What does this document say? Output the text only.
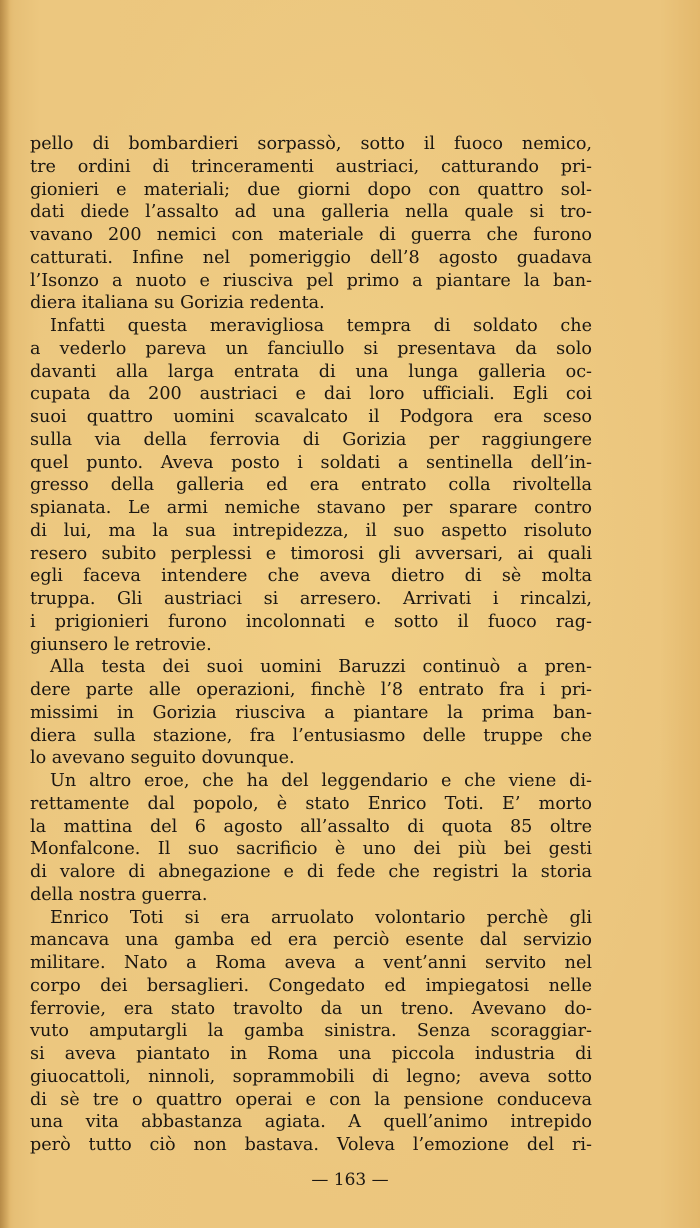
pello di bombardieri sorpassò, sotto il fuoco nemico,
tre ordini di trinceramenti austriaci, catturando pri-
gionieri e materiali; due giorni dopo con quattro sol-
dati diede l’assalto ad una galleria nella quale si tro-
vavano 200 nemici con materiale di guerra che furono
catturati. Infine nel pomeriggio dell’8 agosto guadava
l’Isonzo a nuoto e riusciva pel primo a piantare la ban-
diera italiana su Gorizia redenta.
Infatti questa meravigliosa tempra di soldato che
a vederlo pareva un fanciullo si presentava da solo
davanti alla larga entrata di una lunga galleria oc-
cupata da 200 austriaci e dai loro ufficiali. Egli coi
suoi quattro uomini scavalcato il Podgora era sceso
sulla via della ferrovia di Gorizia per raggiungere
quel punto. Aveva posto i soldati a sentinella dell’in-
gresso della galleria ed era entrato colla rivoltella
spianata. Le armi nemiche stavano per sparare contro
di lui, ma la sua intrepidezza, il suo aspetto risoluto
resero subito perplessi e timorosi gli avversari, ai quali
egli faceva intendere che aveva dietro di sè molta
truppa. Gli austriaci si arresero. Arrivati i rincalzi,
i prigionieri furono incolonnati e sotto il fuoco rag-
giunsero le retrovie.
Alla testa dei suoi uomini Baruzzi continuò a pren-
dere parte alle operazioni, finchè l’8 entrato fra i pri-
missimi in Gorizia riusciva a piantare la prima ban-
diera sulla stazione, fra l’entusiasmo delle truppe che
lo avevano seguito dovunque.
Un altro eroe, che ha del leggendario e che viene di-
rettamente dal popolo, è stato Enrico Toti. E’ morto
la mattina del 6 agosto all’assalto di quota 85 oltre
Monfalcone. Il suo sacrificio è uno dei più bei gesti
di valore di abnegazione e di fede che registri la storia
della nostra guerra.
Enrico Toti si era arruolato volontario perchè gli
mancava una gamba ed era perciò esente dal servizio
militare. Nato a Roma aveva a vent’anni servito nel
corpo dei bersaglieri. Congedato ed impiegatosi nelle
ferrovie, era stato travolto da un treno. Avevano do-
vuto amputargli la gamba sinistra. Senza scoraggiar-
si aveva piantato in Roma una piccola industria di
giuocattoli, ninnoli, soprammobili di legno; aveva sotto
di sè tre o quattro operai e con la pensione conduceva
una vita abbastanza agiata. A quell’animo intrepido
però tutto ciò non bastava. Voleva l’emozione del ri-
— 163 —
